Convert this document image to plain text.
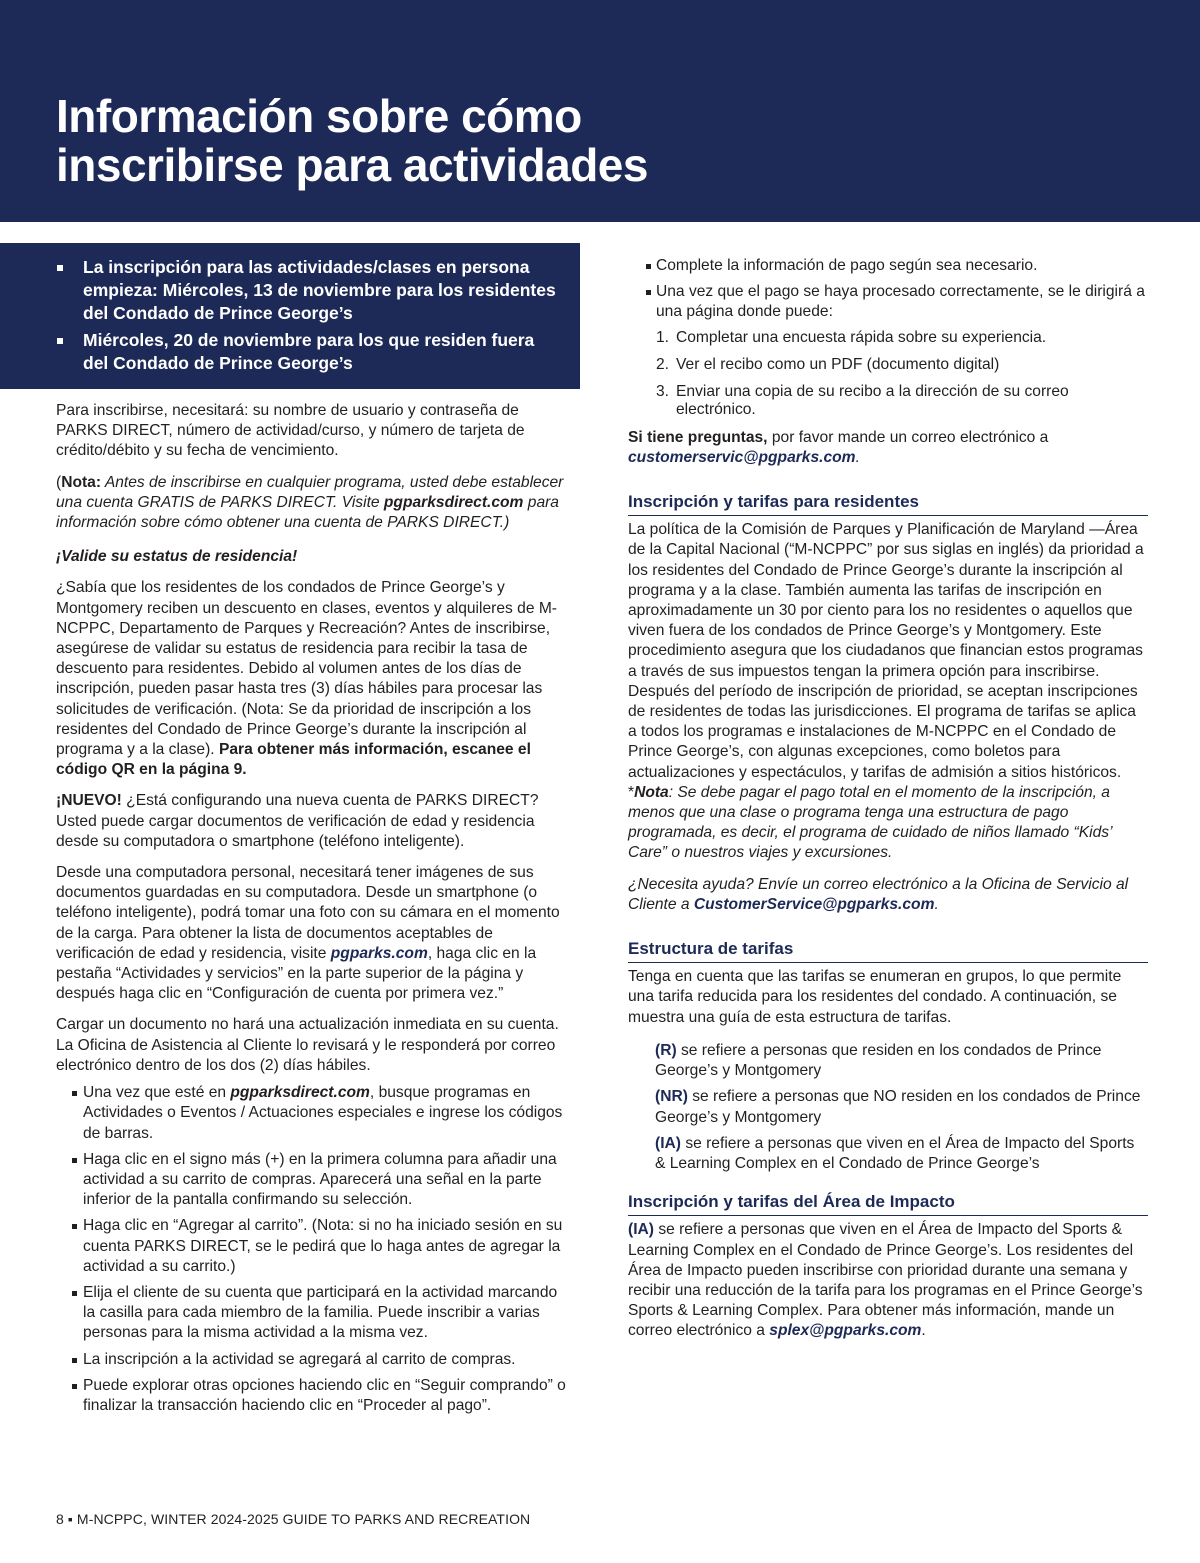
Información sobre cómo
inscribirse para actividades
La inscripción para las actividades/clases en persona empieza: Miércoles, 13 de noviembre para los residentes del Condado de Prince George’s
Miércoles, 20 de noviembre para los que residen fuera del Condado de Prince George’s

Para inscribirse, necesitará: su nombre de usuario y contraseña de PARKS DIRECT, número de actividad/curso, y número de tarjeta de crédito/débito y su fecha de vencimiento.

(Nota: Antes de inscribirse en cualquier programa, usted debe establecer una cuenta GRATIS de PARKS DIRECT. Visite pgparksdirect.com para información sobre cómo obtener una cuenta de PARKS DIRECT.)

¡Valide su estatus de residencia!

¿Sabía que los residentes de los condados de Prince George’s y Montgomery reciben un descuento en clases, eventos y alquileres de M-NCPPC, Departamento de Parques y Recreación? Antes de inscribirse, asegúrese de validar su estatus de residencia para recibir la tasa de descuento para residentes. Debido al volumen antes de los días de inscripción, pueden pasar hasta tres (3) días hábiles para procesar las solicitudes de verificación. (Nota: Se da prioridad de inscripción a los residentes del Condado de Prince George’s durante la inscripción al programa y a la clase). Para obtener más información, escanee el código QR en la página 9.

¡NUEVO! ¿Está configurando una nueva cuenta de PARKS DIRECT? Usted puede cargar documentos de verificación de edad y residencia desde su computadora o smartphone (teléfono inteligente).

Desde una computadora personal, necesitará tener imágenes de sus documentos guardadas en su computadora. Desde un smartphone (o teléfono inteligente), podrá tomar una foto con su cámara en el momento de la carga. Para obtener la lista de documentos aceptables de verificación de edad y residencia, visite pgparks.com, haga clic en la pestaña “Actividades y servicios” en la parte superior de la página y después haga clic en “Configuración de cuenta por primera vez.”

Cargar un documento no hará una actualización inmediata en su cuenta. La Oficina de Asistencia al Cliente lo revisará y le responderá por correo electrónico dentro de los dos (2) días hábiles.

Una vez que esté en pgparksdirect.com, busque programas en Actividades o Eventos / Actuaciones especiales e ingrese los códigos de barras.
Haga clic en el signo más (+) en la primera columna para añadir una actividad a su carrito de compras. Aparecerá una señal en la parte inferior de la pantalla confirmando su selección.
Haga clic en “Agregar al carrito”. (Nota: si no ha iniciado sesión en su cuenta PARKS DIRECT, se le pedirá que lo haga antes de agregar la actividad a su carrito.)
Elija el cliente de su cuenta que participará en la actividad marcando la casilla para cada miembro de la familia. Puede inscribir a varias personas para la misma actividad a la misma vez.
La inscripción a la actividad se agregará al carrito de compras.
Puede explorar otras opciones haciendo clic en “Seguir comprando” o finalizar la transacción haciendo clic en “Proceder al pago”.
Complete la información de pago según sea necesario.
Una vez que el pago se haya procesado correctamente, se le dirigirá a una página donde puede:
1. Completar una encuesta rápida sobre su experiencia.
2. Ver el recibo como un PDF (documento digital)
3. Enviar una copia de su recibo a la dirección de su correo electrónico.

Si tiene preguntas, por favor mande un correo electrónico a customerservic@pgparks.com.

Inscripción y tarifas para residentes

La política de la Comisión de Parques y Planificación de Maryland —Área de la Capital Nacional (“M-NCPPC” por sus siglas en inglés) da prioridad a los residentes del Condado de Prince George’s durante la inscripción al programa y a la clase. También aumenta las tarifas de inscripción en aproximadamente un 30 por ciento para los no residentes o aquellos que viven fuera de los condados de Prince George’s y Montgomery. Este procedimiento asegura que los ciudadanos que financian estos programas a través de sus impuestos tengan la primera opción para inscribirse. Después del período de inscripción de prioridad, se aceptan inscripciones de residentes de todas las jurisdicciones. El programa de tarifas se aplica a todos los programas e instalaciones de M-NCPPC en el Condado de Prince George’s, con algunas excepciones, como boletos para actualizaciones y espectáculos, y tarifas de admisión a sitios históricos. *Nota: Se debe pagar el pago total en el momento de la inscripción, a menos que una clase o programa tenga una estructura de pago programada, es decir, el programa de cuidado de niños llamado “Kids’ Care” o nuestros viajes y excursiones.

¿Necesita ayuda? Envíe un correo electrónico a la Oficina de Servicio al Cliente a CustomerService@pgparks.com.

Estructura de tarifas

Tenga en cuenta que las tarifas se enumeran en grupos, lo que permite una tarifa reducida para los residentes del condado. A continuación, se muestra una guía de esta estructura de tarifas.

(R) se refiere a personas que residen en los condados de Prince George’s y Montgomery
(NR) se refiere a personas que NO residen en los condados de Prince George’s y Montgomery
(IA) se refiere a personas que viven en el Área de Impacto del Sports & Learning Complex en el Condado de Prince George’s
Inscripción y tarifas del Área de Impacto

(IA) se refiere a personas que viven en el Área de Impacto del Sports & Learning Complex en el Condado de Prince George’s. Los residentes del Área de Impacto pueden inscribirse con prioridad durante una semana y recibir una reducción de la tarifa para los programas en el Prince George’s Sports & Learning Complex. Para obtener más información, mande un correo electrónico a splex@pgparks.com.

8 ▪ M-NCPPC, WINTER 2024-2025 GUIDE TO PARKS AND RECREATION
